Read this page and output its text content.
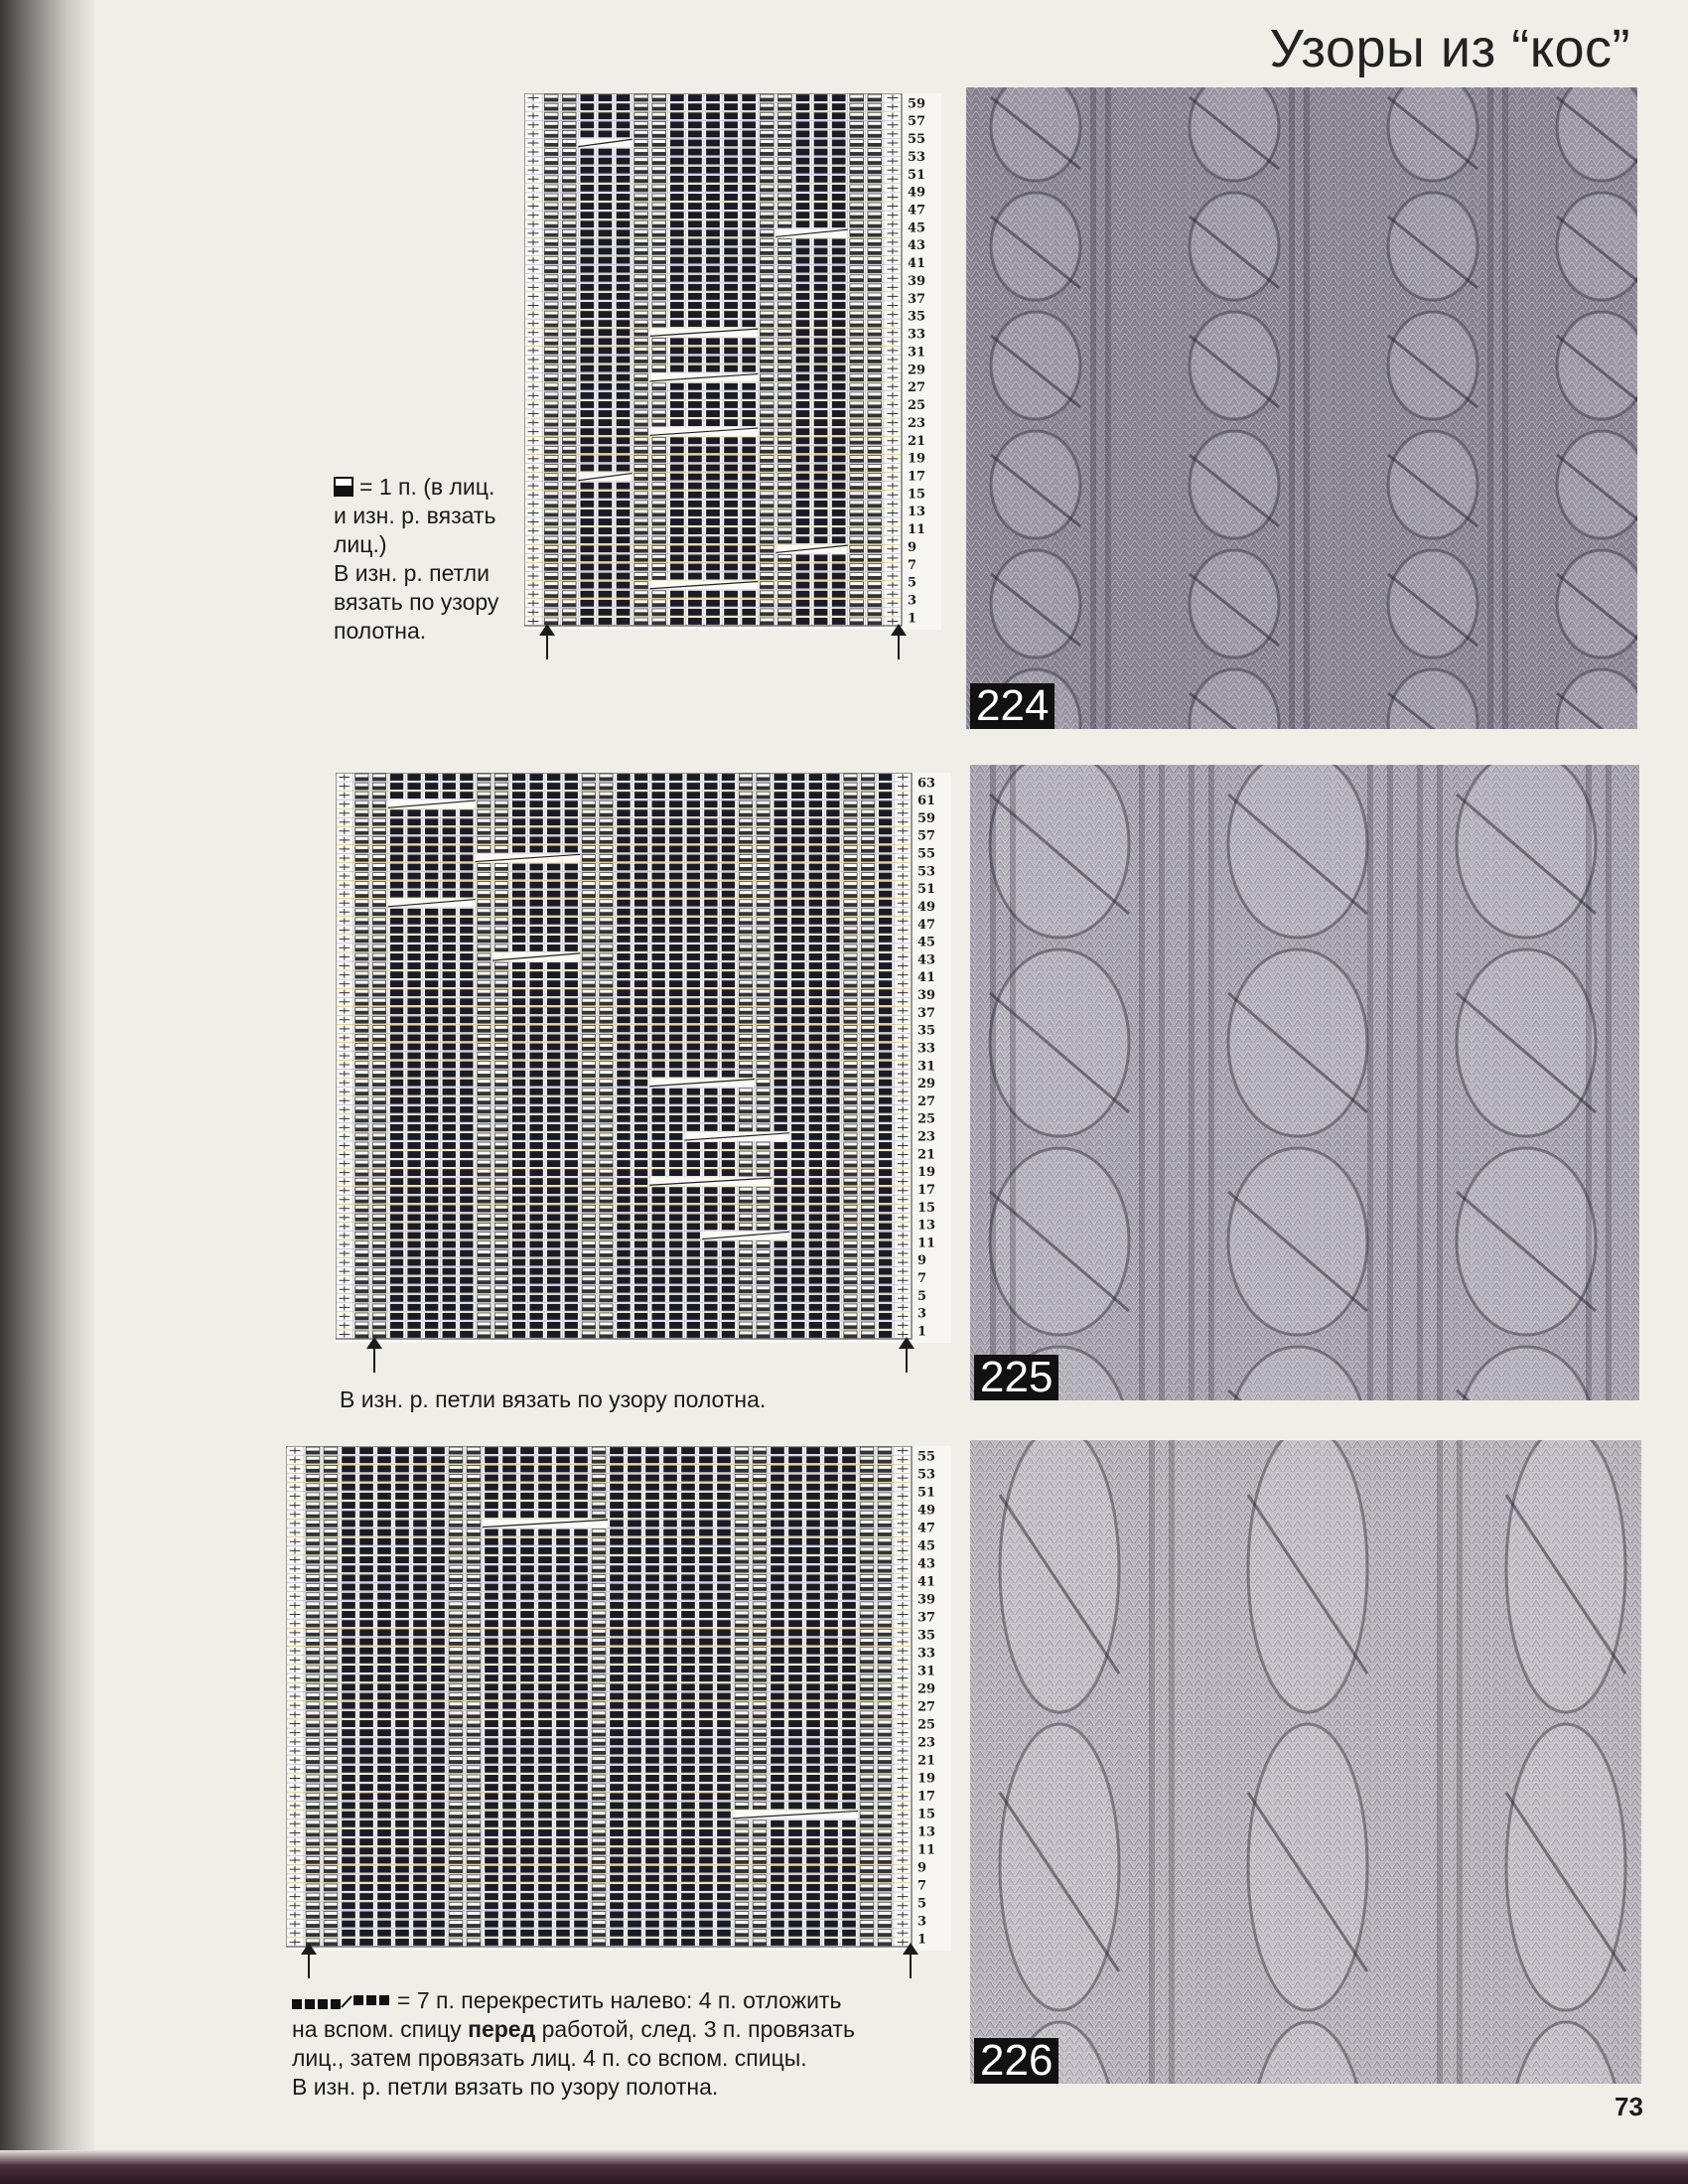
Узоры из “кос”
59
57
55
53
51
49
47
45
43
41
39
37
35
33
31
29
27
25
23
21
19
17
15
13
11
9
7
5
3
1

= 1 п. (в лиц.

и изн. р. вязать

лиц.)

В изн. р. петли

вязать по узору

полотна.

224
63
61
59
57
55
53
51
49
47
45
43
41
39
37
35
33
31
29
27
25
23
21
19
17
15
13
11
9
7
5
3
1
В изн. р. петли вязать по узору полотна.	225
55
53
51
49
47
45
43
41
39
37
35
33
31
29
27
25
23
21
19
17
15
13
11
9
7
5
3
1

= 7 п. перекрестить налево: 4 п. отложить

на вспом. спицу перед работой, след. 3 п. провязать

лиц., затем провязать лиц. 4 п. со вспом. спицы.

В изн. р. петли вязать по узору полотна.

226
73
